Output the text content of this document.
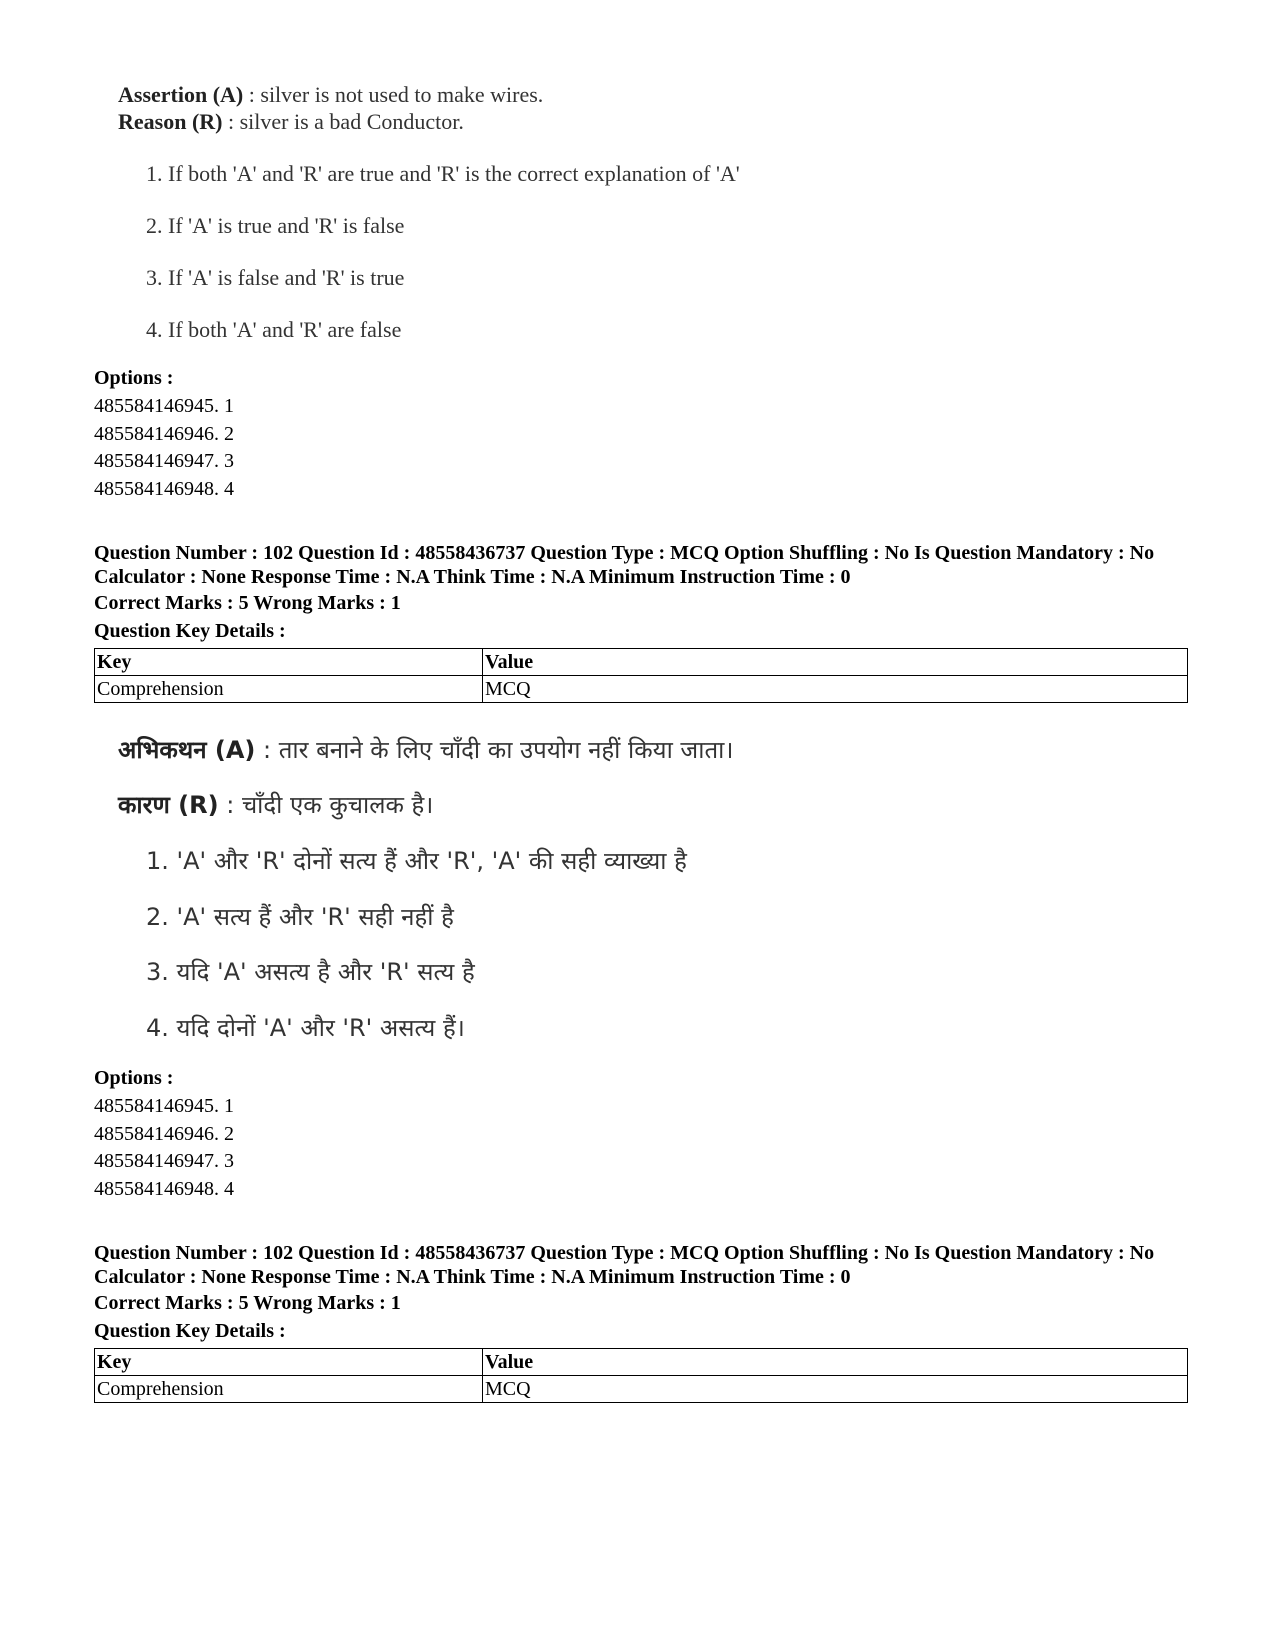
Assertion (A) : silver is not used to make wires.
Reason (R) : silver is a bad Conductor.
1. If both 'A' and 'R' are true and 'R' is the correct explanation of 'A'
2. If 'A' is true and 'R' is false
3. If 'A' is false and 'R' is true
4. If both 'A' and 'R' are false
Options :
485584146945. 1
485584146946. 2
485584146947. 3
485584146948. 4
Question Number : 102 Question Id : 48558436737 Question Type : MCQ Option Shuffling : No Is Question Mandatory : No Calculator : None Response Time : N.A Think Time : N.A Minimum Instruction Time : 0
Correct Marks : 5 Wrong Marks : 1
Question Key Details :
Key	Value
Comprehension	MCQ
अभिकथन (A) : तार बनाने के लिए चाँदी का उपयोग नहीं किया जाता।
कारण (R) : चाँदी एक कुचालक है।
1. 'A' और 'R' दोनों सत्य हैं और 'R', 'A' की सही व्याख्या है
2. 'A' सत्य हैं और 'R' सही नहीं है
3. यदि 'A' असत्य है और 'R' सत्य है
4. यदि दोनों 'A' और 'R' असत्य हैं।
Options :
485584146945. 1
485584146946. 2
485584146947. 3
485584146948. 4
Question Number : 102 Question Id : 48558436737 Question Type : MCQ Option Shuffling : No Is Question Mandatory : No Calculator : None Response Time : N.A Think Time : N.A Minimum Instruction Time : 0
Correct Marks : 5 Wrong Marks : 1
Question Key Details :
Key	Value
Comprehension	MCQ
